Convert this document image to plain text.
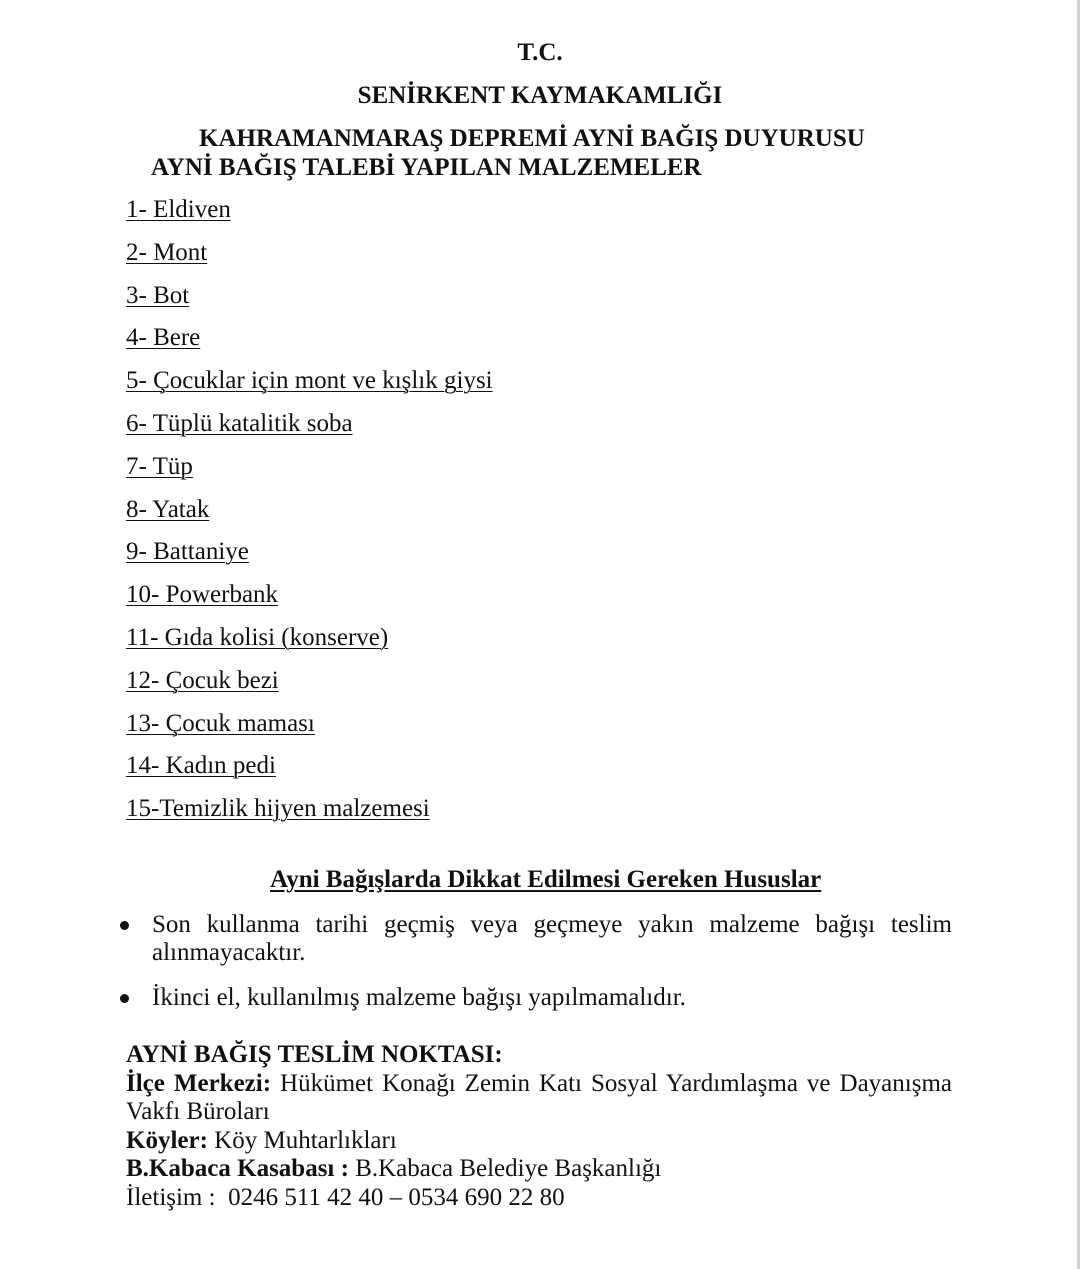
T.C.
SENİRKENT KAYMAKAMLIĞI
KAHRAMANMARAŞ DEPREMİ AYNİ BAĞIŞ DUYURUSU
AYNİ BAĞIŞ TALEBİ YAPILAN MALZEMELER
1- Eldiven
2- Mont
3- Bot
4- Bere
5- Çocuklar için mont ve kışlık giysi
6- Tüplü katalitik soba
7- Tüp
8- Yatak
9- Battaniye
10- Powerbank
11- Gıda kolisi (konserve)
12- Çocuk bezi
13- Çocuk maması
14- Kadın pedi
15-Temizlik hijyen malzemesi
Ayni Bağışlarda Dikkat Edilmesi Gereken Hususlar
Son kullanma tarihi geçmiş veya geçmeye yakın malzeme bağışı teslim alınmayacaktır.
İkinci el, kullanılmış malzeme bağışı yapılmamalıdır.
AYNİ BAĞIŞ TESLİM NOKTASI:
İlçe Merkezi: Hükümet Konağı Zemin Katı Sosyal Yardımlaşma ve Dayanışma Vakfı Büroları
Köyler: Köy Muhtarlıkları
B.Kabaca Kasabası : B.Kabaca Belediye Başkanlığı
İletişim :  0246 511 42 40 – 0534 690 22 80
